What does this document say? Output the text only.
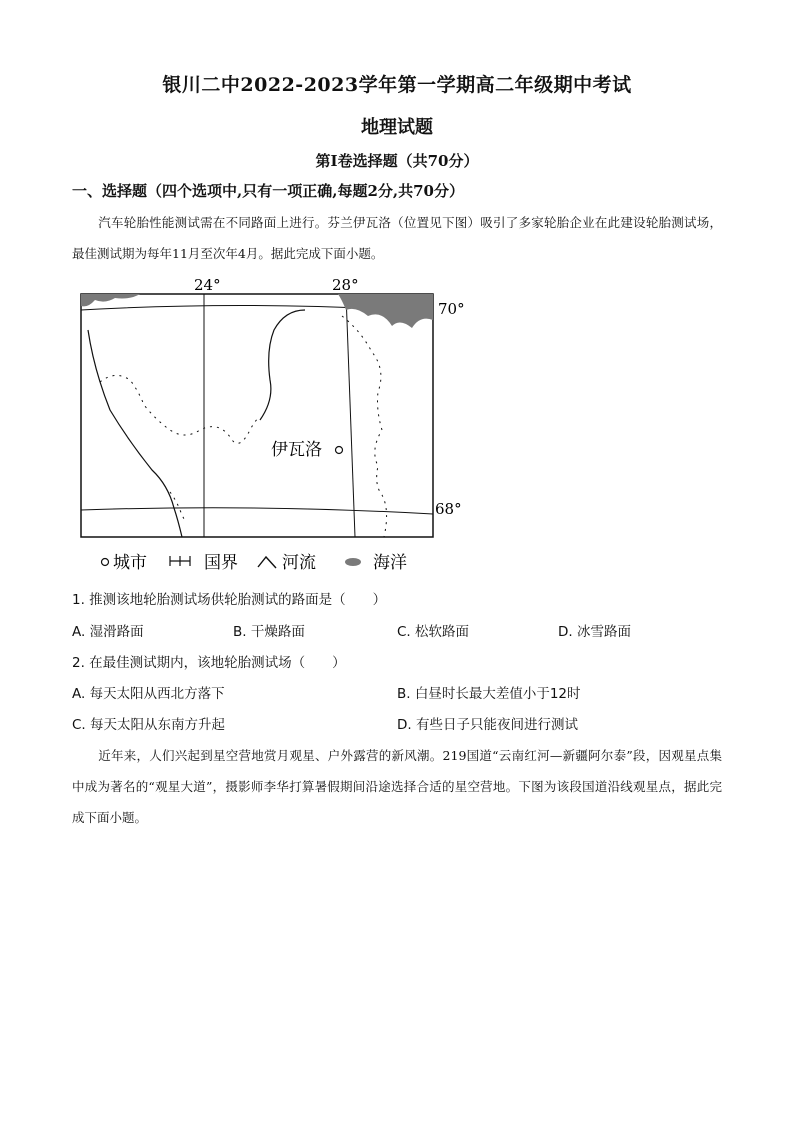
银川二中2022-2023学年第一学期高二年级期中考试
地理试题
第Ⅰ卷选择题（共70分）
一、选择题（四个选项中,只有一项正确,每题2分,共70分）
汽车轮胎性能测试需在不同路面上进行。芬兰伊瓦洛（位置见下图）吸引了多家轮胎企业在此建设轮胎测试场，最佳测试期为每年11月至次年4月。据此完成下面小题。
24°	28°
70°
68°
伊瓦洛
城市	国界	河流	海洋
1. 推测该地轮胎测试场供轮胎测试的路面是（　　）
A. 湿滑路面	B. 干燥路面	C. 松软路面	D. 冰雪路面
2. 在最佳测试期内，该地轮胎测试场（　　）
A. 每天太阳从西北方落下	B. 白昼时长最大差值小于12时
C. 每天太阳从东南方升起	D. 有些日子只能夜间进行测试
近年来，人们兴起到星空营地赏月观星、户外露营的新风潮。219国道“云南红河—新疆阿尔泰”段，因观星点集中成为著名的“观星大道”，摄影师李华打算暑假期间沿途选择合适的星空营地。下图为该段国道沿线观星点，据此完成下面小题。
